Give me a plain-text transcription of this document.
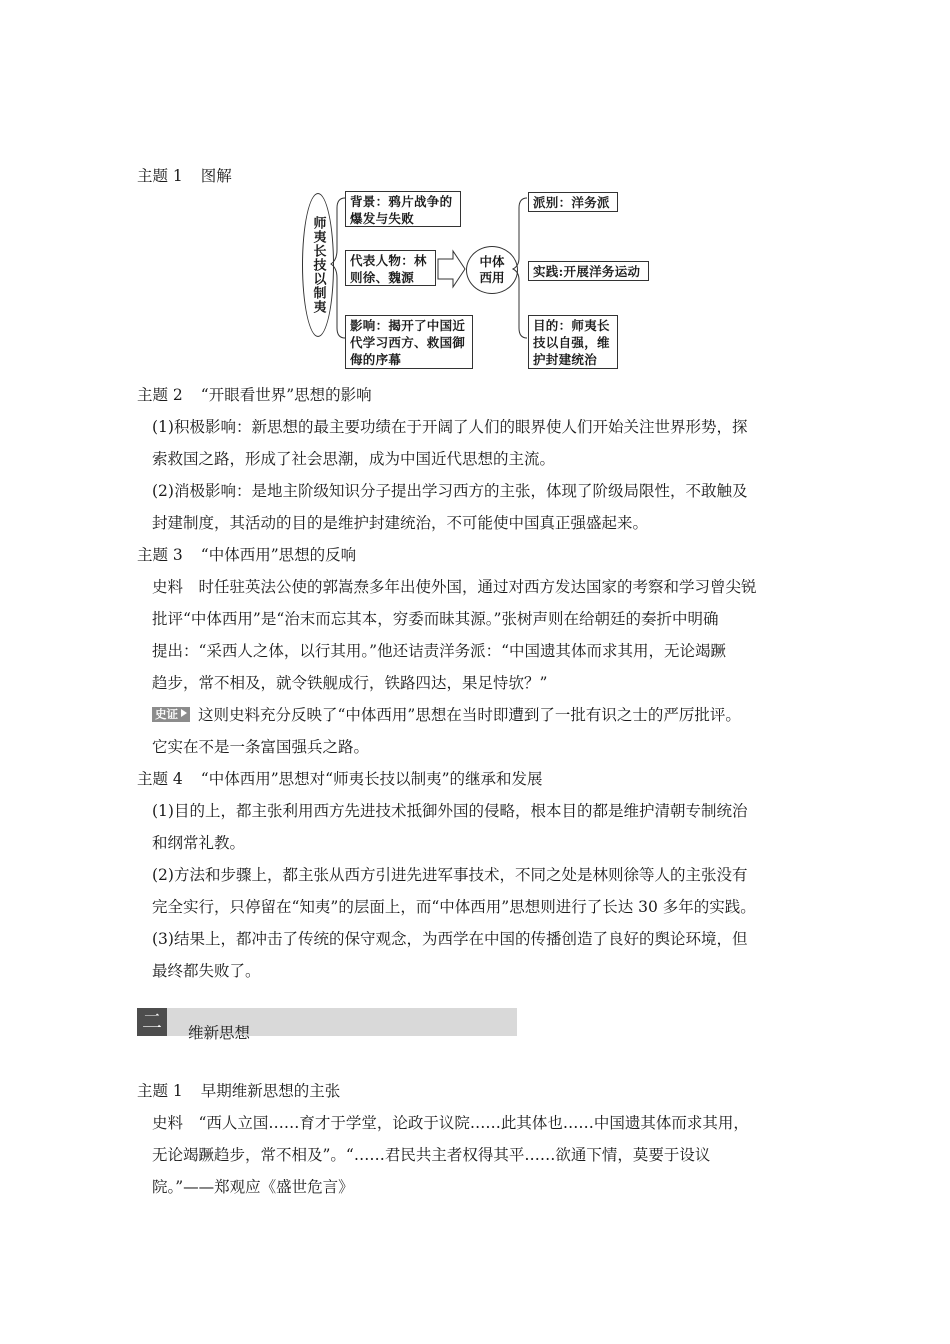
主题 1 图解
师夷长技以制夷
背景：鸦片战争的爆发与失败
代表人物：林则徐、魏源
影响：揭开了中国近代学习西方、救国御侮的序幕
中体西用
派别：洋务派
实践:开展洋务运动
目的：师夷长技以自强，维护封建统治
主题 2 “开眼看世界”思想的影响
(1)积极影响：新思想的最主要功绩在于开阔了人们的眼界使人们开始关注世界形势，探
索救国之路，形成了社会思潮，成为中国近代思想的主流。
(2)消极影响：是地主阶级知识分子提出学习西方的主张，体现了阶级局限性，不敢触及
封建制度，其活动的目的是维护封建统治，不可能使中国真正强盛起来。
主题 3 “中体西用”思想的反响
史料　时任驻英法公使的郭嵩焘多年出使外国，通过对西方发达国家的考察和学习曾尖锐
批评“中体西用”是“治末而忘其本，穷委而昧其源。”张树声则在给朝廷的奏折中明确
提出：“采西人之体，以行其用。”他还诘责洋务派：“中国遗其体而求其用，无论竭蹶
趋步，常不相及，就令铁舰成行，铁路四达，果足恃欤？”
史证 这则史料充分反映了“中体西用”思想在当时即遭到了一批有识之士的严厉批评。
它实在不是一条富国强兵之路。
主题 4 “中体西用”思想对“师夷长技以制夷”的继承和发展
(1)目的上，都主张利用西方先进技术抵御外国的侵略，根本目的都是维护清朝专制统治
和纲常礼教。
(2)方法和步骤上，都主张从西方引进先进军事技术，不同之处是林则徐等人的主张没有
完全实行，只停留在“知夷”的层面上，而“中体西用”思想则进行了长达 30 多年的实践。
(3)结果上，都冲击了传统的保守观念，为西学在中国的传播创造了良好的舆论环境，但
最终都失败了。
二	维新思想
主题 1 早期维新思想的主张
史料　“西人立国……育才于学堂，论政于议院……此其体也……中国遗其体而求其用，
无论竭蹶趋步，常不相及”。“……君民共主者权得其平……欲通下情，莫要于设议
院。”——郑观应《盛世危言》
